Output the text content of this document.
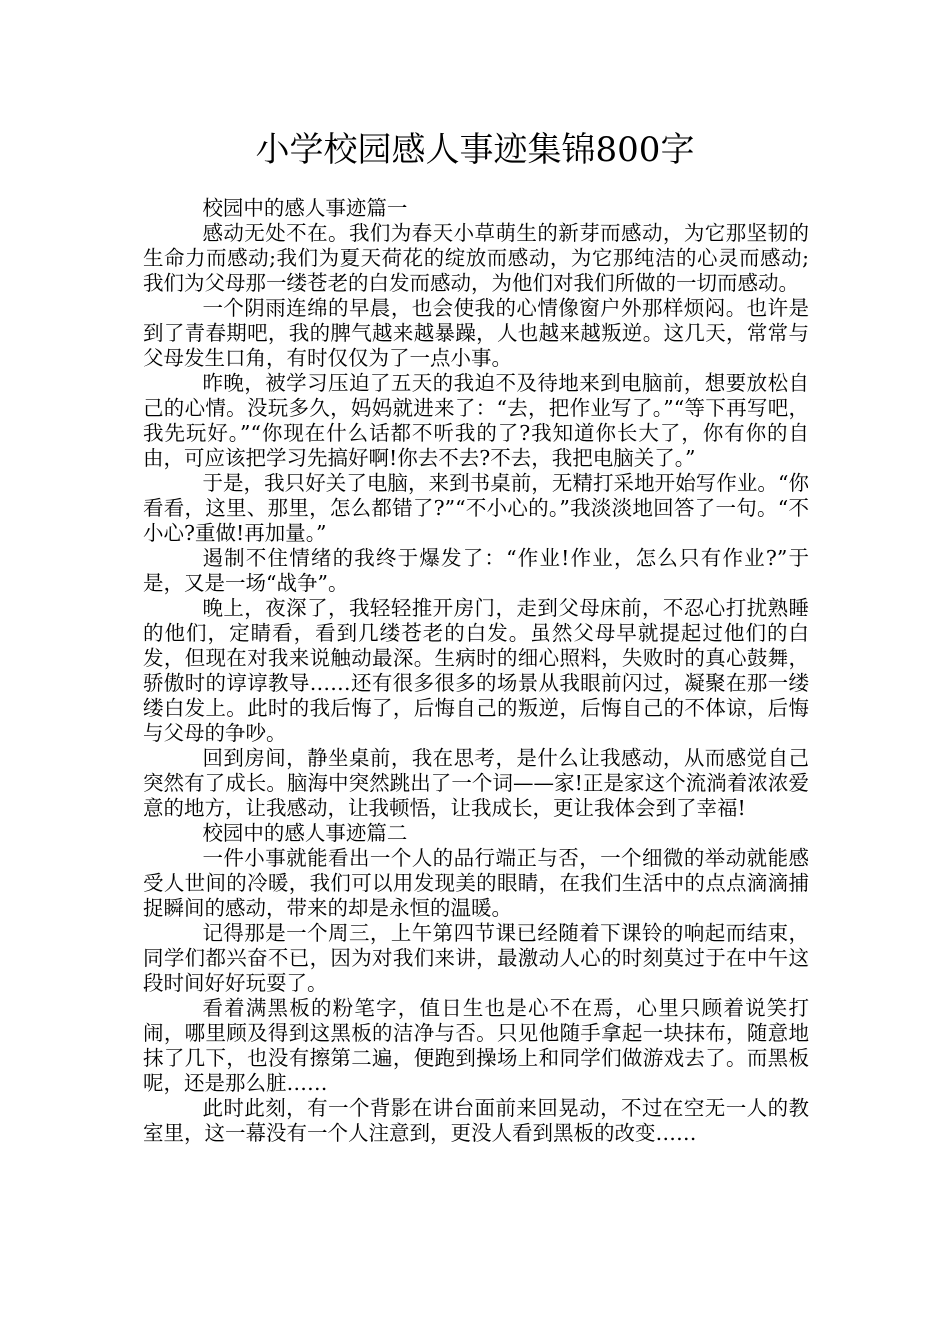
小学校园感人事迹集锦800字

校园中的感人事迹篇一

感动无处不在。我们为春天小草萌生的新芽而感动，为它那坚韧的生命力而感动;我们为夏天荷花的绽放而感动，为它那纯洁的心灵而感动;我们为父母那一缕苍老的白发而感动，为他们对我们所做的一切而感动。

一个阴雨连绵的早晨，也会使我的心情像窗户外那样烦闷。也许是到了青春期吧，我的脾气越来越暴躁，人也越来越叛逆。这几天，常常与父母发生口角，有时仅仅为了一点小事。

昨晚，被学习压迫了五天的我迫不及待地来到电脑前，想要放松自己的心情。没玩多久，妈妈就进来了：“去，把作业写了。”“等下再写吧，我先玩好。”“你现在什么话都不听我的了?我知道你长大了，你有你的自由，可应该把学习先搞好啊!你去不去?不去，我把电脑关了。”

于是，我只好关了电脑，来到书桌前，无精打采地开始写作业。“你看看，这里、那里，怎么都错了?”“不小心的。”我淡淡地回答了一句。“不小心?重做!再加量。”

遏制不住情绪的我终于爆发了：“作业!作业，怎么只有作业?”于是，又是一场“战争”。

晚上，夜深了，我轻轻推开房门，走到父母床前，不忍心打扰熟睡的他们，定睛看，看到几缕苍老的白发。虽然父母早就提起过他们的白发，但现在对我来说触动最深。生病时的细心照料，失败时的真心鼓舞，骄傲时的谆谆教导……还有很多很多的场景从我眼前闪过，凝聚在那一缕缕白发上。此时的我后悔了，后悔自己的叛逆，后悔自己的不体谅，后悔与父母的争吵。

回到房间，静坐桌前，我在思考，是什么让我感动，从而感觉自己突然有了成长。脑海中突然跳出了一个词——家!正是家这个流淌着浓浓爱意的地方，让我感动，让我顿悟，让我成长，更让我体会到了幸福!

校园中的感人事迹篇二

一件小事就能看出一个人的品行端正与否，一个细微的举动就能感受人世间的冷暖，我们可以用发现美的眼睛，在我们生活中的点点滴滴捕捉瞬间的感动，带来的却是永恒的温暖。

记得那是一个周三，上午第四节课已经随着下课铃的响起而结束，同学们都兴奋不已，因为对我们来讲，最激动人心的时刻莫过于在中午这段时间好好玩耍了。

看着满黑板的粉笔字，值日生也是心不在焉，心里只顾着说笑打闹，哪里顾及得到这黑板的洁净与否。只见他随手拿起一块抹布，随意地抹了几下，也没有擦第二遍，便跑到操场上和同学们做游戏去了。而黑板呢，还是那么脏……

此时此刻，有一个背影在讲台面前来回晃动，不过在空无一人的教室里，这一幕没有一个人注意到，更没人看到黑板的改变……
